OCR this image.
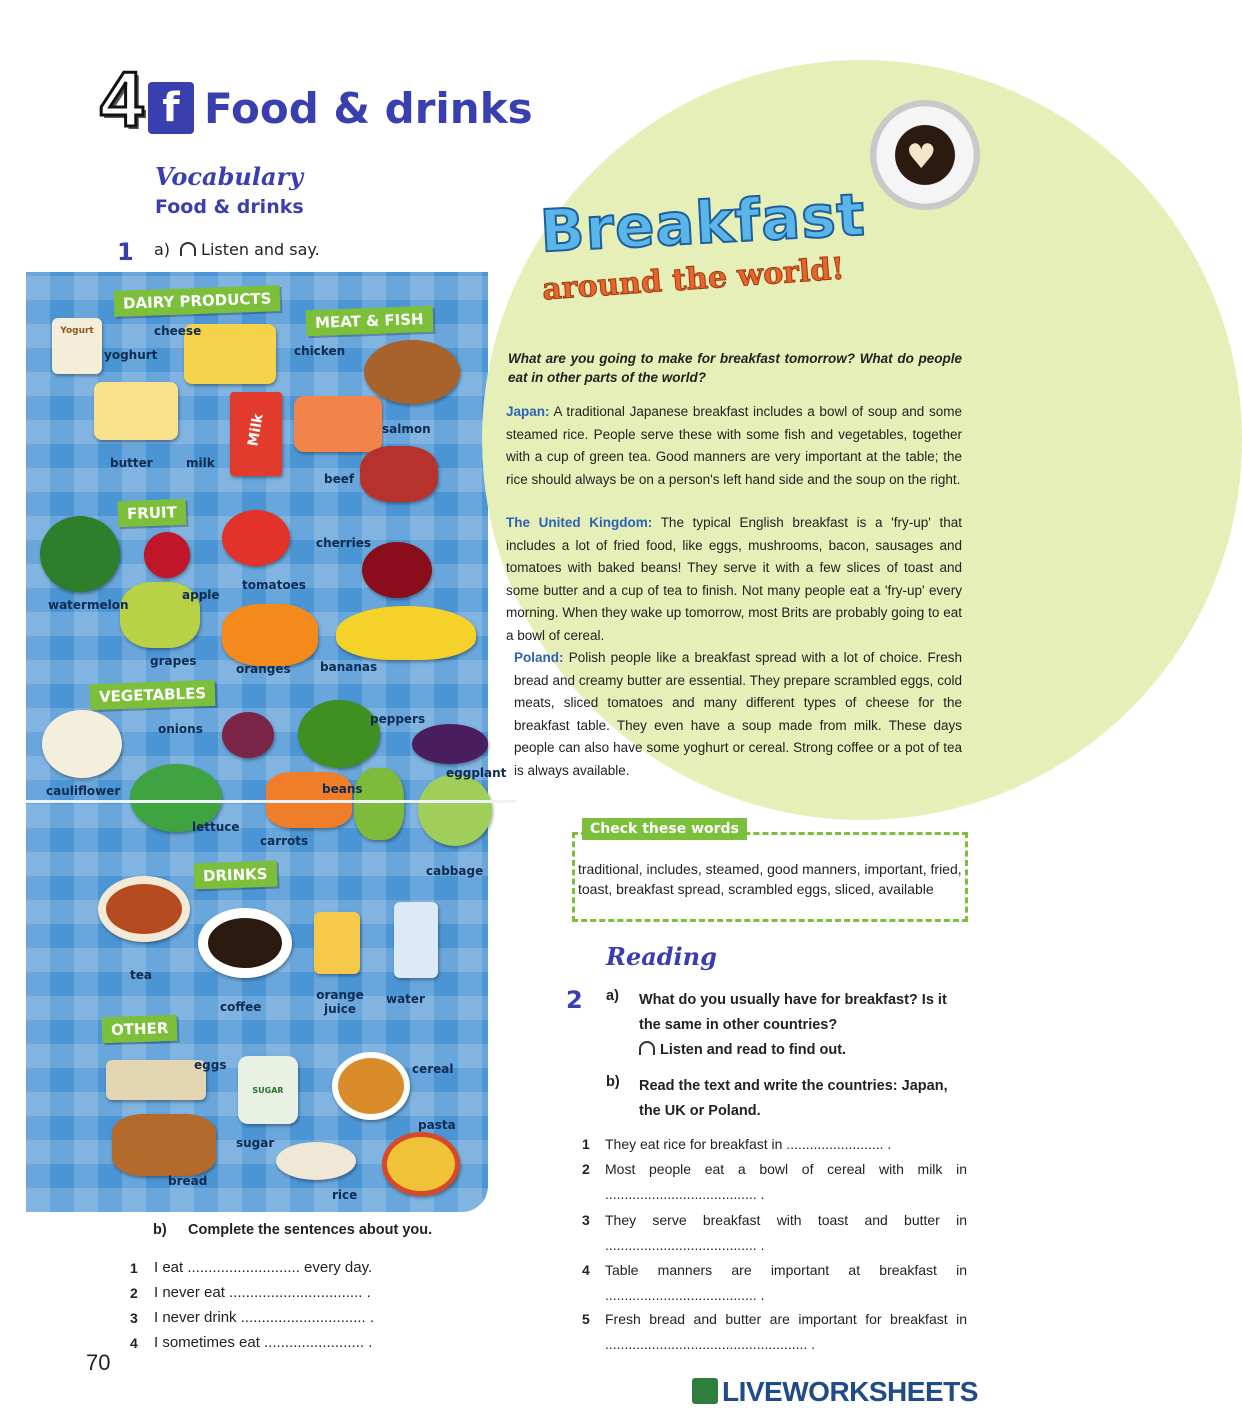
4 f Food & drinks
Vocabulary
Food & drinks
1 a) Listen and say.
DAIRY PRODUCTS
MEAT & FISH
FRUIT
VEGETABLES
DRINKS
OTHER
Yogurt
Milk
SUGAR
cheese
yoghurt
butter	milk
chicken
salmon
beef
cherries
watermelon
apple
tomatoes
grapes
oranges bananas
onions
peppers
eggplant
beans
cauliflower
lettuce
carrots
cabbage
tea
coffee
orange juice
water
eggs	cereal
pasta
sugar
bread
rice
♥
Breakfast
around the world!
What are you going to make for breakfast tomorrow? What do people eat in other parts of the world?
Japan: A traditional Japanese breakfast includes a bowl of soup and some steamed rice. People serve these with some fish and vegetables, together with a cup of green tea. Good manners are very important at the table; the rice should always be on a person's left hand side and the soup on the right.
The United Kingdom: The typical English breakfast is a 'fry-up' that includes a lot of fried food, like eggs, mushrooms, bacon, sausages and tomatoes with baked beans! They serve it with a few slices of toast and some butter and a cup of tea to finish. Not many people eat a 'fry-up' every morning. When they wake up tomorrow, most Brits are probably going to eat a bowl of cereal.
Poland: Polish people like a breakfast spread with a lot of choice. Fresh bread and creamy butter are essential. They prepare scrambled eggs, cold meats, sliced tomatoes and many different types of cheese for the breakfast table. They even have a soup made from milk. These days people can also have some yoghurt or cereal. Strong coffee or a pot of tea is always available.
Check these words
traditional, includes, steamed, good manners, important, fried, toast, breakfast spread, scrambled eggs, sliced, available
Reading
2 a) What do you usually have for breakfast? Is it the same in other countries?
Listen and read to find out.
b) Read the text and write the countries: Japan, the UK or Poland.
1 They eat rice for breakfast in ......................... .
2 Most people eat a bowl of cereal with milk in ....................................... .
3 They serve breakfast with toast and butter in ....................................... .
4 Table manners are important at breakfast in ....................................... .
5 Fresh bread and butter are important for breakfast in .................................................... .
b) Complete the sentences about you.
1 I eat ........................... every day.
2 I never eat ................................ .
3 I never drink .............................. .
4 I sometimes eat ........................ .
70
LIVEWORKSHEETS
